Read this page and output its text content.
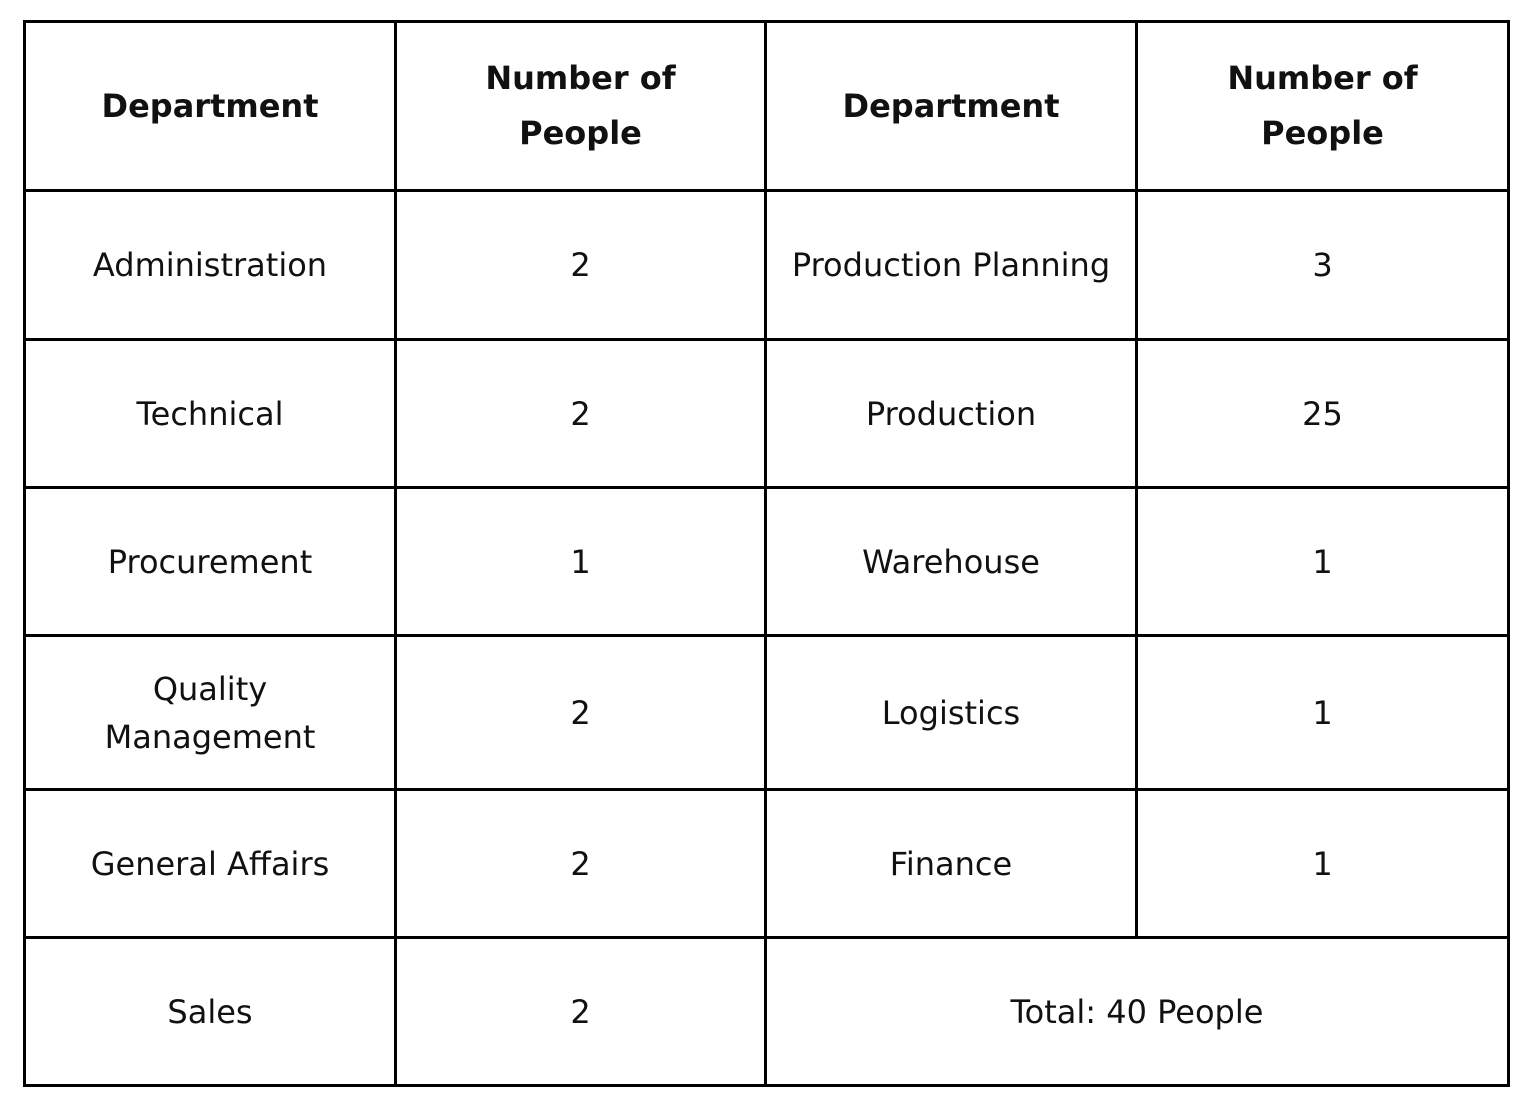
Department	Number of People	Department	Number of People
Administration	2	Production Planning	3
Technical	2	Production	25
Procurement	1	Warehouse	1
Quality Management	2	Logistics	1
General Affairs	2	Finance	1
Sales	2	Total: 40 People	
